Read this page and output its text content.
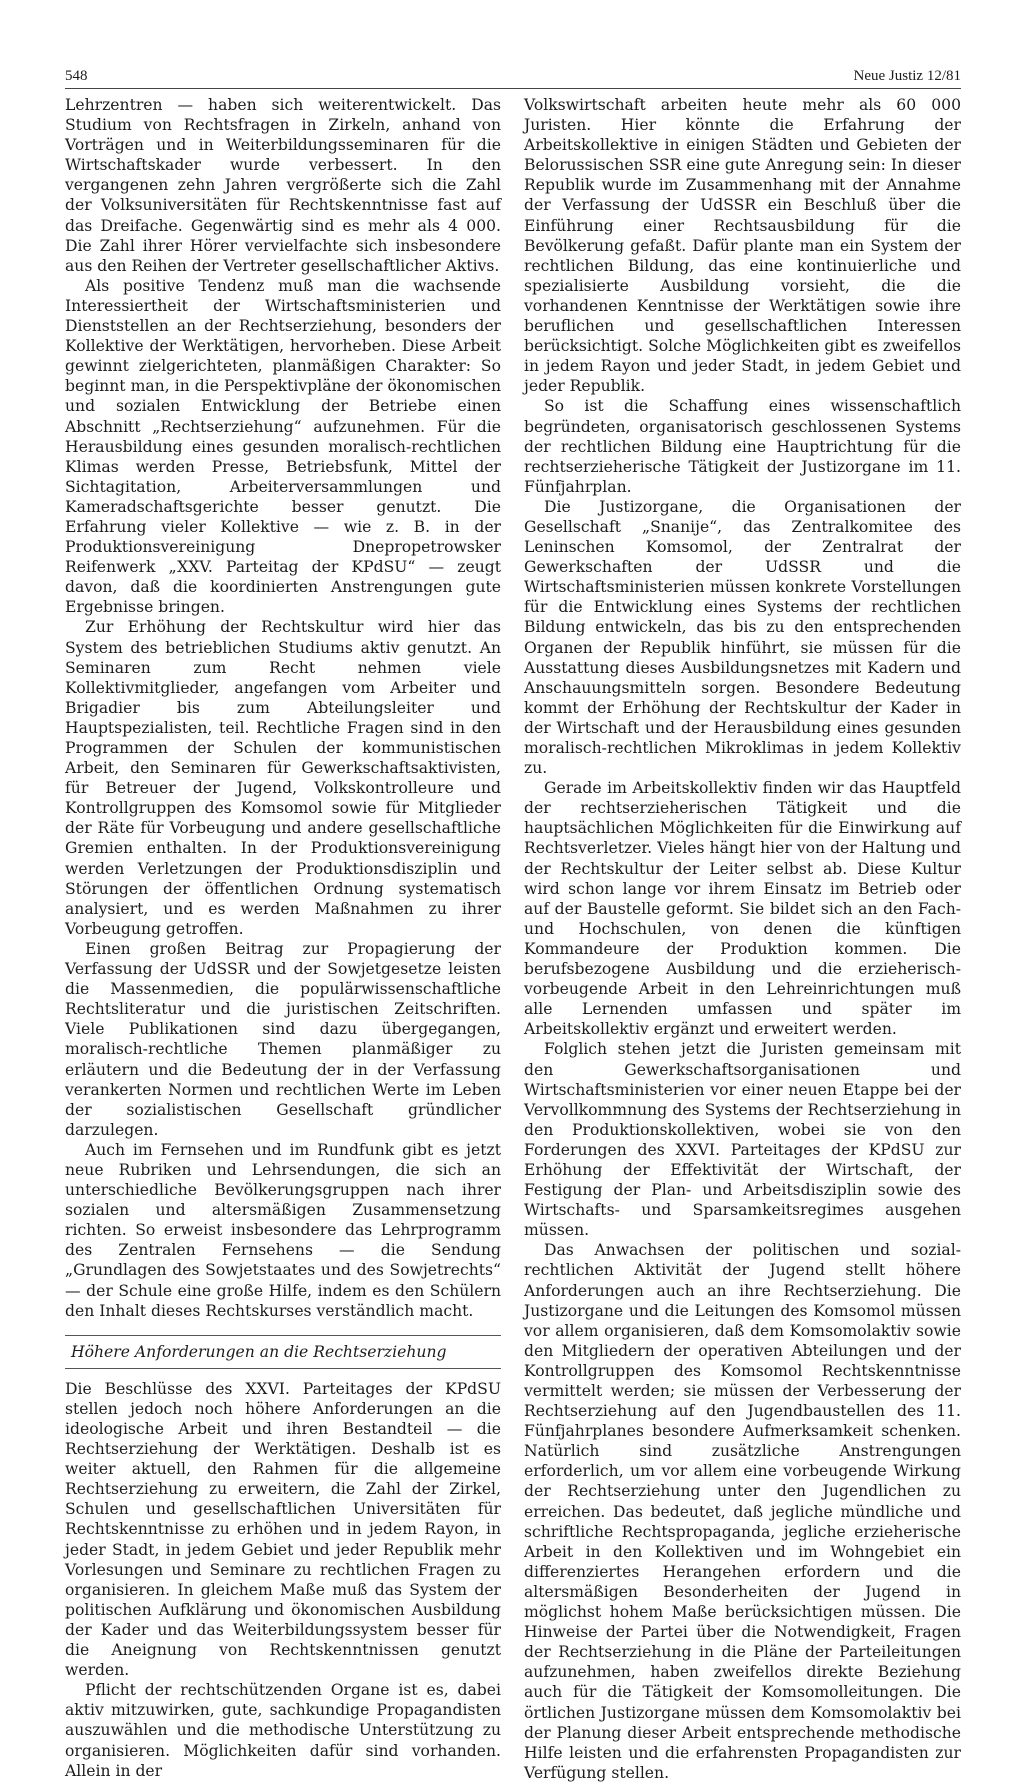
548	Neue Justiz 12/81

Lehrzentren — haben sich weiterentwickelt. Das Studium von Rechtsfragen in Zirkeln, anhand von Vorträgen und in Weiterbildungsseminaren für die Wirtschaftskader wurde verbessert. In den vergangenen zehn Jahren vergrößerte sich die Zahl der Volksuniversitäten für Rechtskenntnisse fast auf das Dreifache. Gegenwärtig sind es mehr als 4 000. Die Zahl ihrer Hörer vervielfachte sich insbesondere aus den Reihen der Vertreter gesellschaftlicher Aktivs.

Als positive Tendenz muß man die wachsende Interessiertheit der Wirtschaftsministerien und Dienststellen an der Rechtserziehung, besonders der Kollektive der Werktätigen, hervorheben. Diese Arbeit gewinnt zielgerichteten, planmäßigen Charakter: So beginnt man, in die Perspektivpläne der ökonomischen und sozialen Entwicklung der Betriebe einen Abschnitt „Rechtserziehung“ aufzunehmen. Für die Herausbildung eines gesunden moralisch-rechtlichen Klimas werden Presse, Betriebsfunk, Mittel der Sichtagitation, Arbeiterversammlungen und Kameradschaftsgerichte besser genutzt. Die Erfahrung vieler Kollektive — wie z. B. in der Produktionsvereinigung Dnepropetrowsker Reifenwerk „XXV. Parteitag der KPdSU“ — zeugt davon, daß die koordinierten Anstrengungen gute Ergebnisse bringen.

Zur Erhöhung der Rechtskultur wird hier das System des betrieblichen Studiums aktiv genutzt. An Seminaren zum Recht nehmen viele Kollektivmitglieder, angefangen vom Arbeiter und Brigadier bis zum Abteilungsleiter und Hauptspezialisten, teil. Rechtliche Fragen sind in den Programmen der Schulen der kommunistischen Arbeit, den Seminaren für Gewerkschaftsaktivisten, für Betreuer der Jugend, Volkskontrolleure und Kontrollgruppen des Komsomol sowie für Mitglieder der Räte für Vorbeugung und andere gesellschaftliche Gremien enthalten. In der Produktionsvereinigung werden Verletzungen der Produktionsdisziplin und Störungen der öffentlichen Ordnung systematisch analysiert, und es werden Maßnahmen zu ihrer Vorbeugung getroffen.

Einen großen Beitrag zur Propagierung der Verfassung der UdSSR und der Sowjetgesetze leisten die Massenmedien, die populärwissenschaftliche Rechtsliteratur und die juristischen Zeitschriften. Viele Publikationen sind dazu übergegangen, moralisch-rechtliche Themen planmäßiger zu erläutern und die Bedeutung der in der Verfassung verankerten Normen und rechtlichen Werte im Leben der sozialistischen Gesellschaft gründlicher darzulegen.

Auch im Fernsehen und im Rundfunk gibt es jetzt neue Rubriken und Lehrsendungen, die sich an unterschiedliche Bevölkerungsgruppen nach ihrer sozialen und altersmäßigen Zusammensetzung richten. So erweist insbesondere das Lehrprogramm des Zentralen Fernsehens — die Sendung „Grundlagen des Sowjetstaates und des Sowjetrechts“ — der Schule eine große Hilfe, indem es den Schülern den Inhalt dieses Rechtskurses verständlich macht.

Höhere Anforderungen an die Rechtserziehung

Die Beschlüsse des XXVI. Parteitages der KPdSU stellen jedoch noch höhere Anforderungen an die ideologische Arbeit und ihren Bestandteil — die Rechtserziehung der Werktätigen. Deshalb ist es weiter aktuell, den Rahmen für die allgemeine Rechtserziehung zu erweitern, die Zahl der Zirkel, Schulen und gesellschaftlichen Universitäten für Rechtskenntnisse zu erhöhen und in jedem Rayon, in jeder Stadt, in jedem Gebiet und jeder Republik mehr Vorlesungen und Seminare zu rechtlichen Fragen zu organisieren. In gleichem Maße muß das System der politischen Aufklärung und ökonomischen Ausbildung der Kader und das Weiterbildungssystem besser für die Aneignung von Rechtskenntnissen genutzt werden.

Pflicht der rechtschützenden Organe ist es, dabei aktiv mitzuwirken, gute, sachkundige Propagandisten auszuwählen und die methodische Unterstützung zu organisieren. Möglichkeiten dafür sind vorhanden. Allein in der

Volkswirtschaft arbeiten heute mehr als 60 000 Juristen. Hier könnte die Erfahrung der Arbeitskollektive in einigen Städten und Gebieten der Belorussischen SSR eine gute Anregung sein: In dieser Republik wurde im Zusammenhang mit der Annahme der Verfassung der UdSSR ein Beschluß über die Einführung einer Rechtsausbildung für die Bevölkerung gefaßt. Dafür plante man ein System der rechtlichen Bildung, das eine kontinuierliche und spezialisierte Ausbildung vorsieht, die die vorhandenen Kenntnisse der Werktätigen sowie ihre beruflichen und gesellschaftlichen Interessen berücksichtigt. Solche Möglichkeiten gibt es zweifellos in jedem Rayon und jeder Stadt, in jedem Gebiet und jeder Republik.

So ist die Schaffung eines wissenschaftlich begründeten, organisatorisch geschlossenen Systems der rechtlichen Bildung eine Hauptrichtung für die rechtserzieherische Tätigkeit der Justizorgane im 11. Fünfjahrplan.

Die Justizorgane, die Organisationen der Gesellschaft „Snanije“, das Zentralkomitee des Leninschen Komsomol, der Zentralrat der Gewerkschaften der UdSSR und die Wirtschaftsministerien müssen konkrete Vorstellungen für die Entwicklung eines Systems der rechtlichen Bildung entwickeln, das bis zu den entsprechenden Organen der Republik hinführt, sie müssen für die Ausstattung dieses Ausbildungsnetzes mit Kadern und Anschauungsmitteln sorgen. Besondere Bedeutung kommt der Erhöhung der Rechtskultur der Kader in der Wirtschaft und der Herausbildung eines gesunden moralisch-rechtlichen Mikroklimas in jedem Kollektiv zu.

Gerade im Arbeitskollektiv finden wir das Hauptfeld der rechtserzieherischen Tätigkeit und die hauptsächlichen Möglichkeiten für die Einwirkung auf Rechtsverletzer. Vieles hängt hier von der Haltung und der Rechtskultur der Leiter selbst ab. Diese Kultur wird schon lange vor ihrem Einsatz im Betrieb oder auf der Baustelle geformt. Sie bildet sich an den Fach- und Hochschulen, von denen die künftigen Kommandeure der Produktion kommen. Die berufsbezogene Ausbildung und die erzieherisch-vorbeugende Arbeit in den Lehreinrichtungen muß alle Lernenden umfassen und später im Arbeitskollektiv ergänzt und erweitert werden.

Folglich stehen jetzt die Juristen gemeinsam mit den Gewerkschaftsorganisationen und Wirtschaftsministerien vor einer neuen Etappe bei der Vervollkommnung des Systems der Rechtserziehung in den Produktionskollektiven, wobei sie von den Forderungen des XXVI. Parteitages der KPdSU zur Erhöhung der Effektivität der Wirtschaft, der Festigung der Plan- und Arbeitsdisziplin sowie des Wirtschafts- und Sparsamkeitsregimes ausgehen müssen.

Das Anwachsen der politischen und sozial-rechtlichen Aktivität der Jugend stellt höhere Anforderungen auch an ihre Rechtserziehung. Die Justizorgane und die Leitungen des Komsomol müssen vor allem organisieren, daß dem Komsomolaktiv sowie den Mitgliedern der operativen Abteilungen und der Kontrollgruppen des Komsomol Rechtskenntnisse vermittelt werden; sie müssen der Verbesserung der Rechtserziehung auf den Jugendbaustellen des 11. Fünfjahrplanes besondere Aufmerksamkeit schenken. Natürlich sind zusätzliche Anstrengungen erforderlich, um vor allem eine vorbeugende Wirkung der Rechtserziehung unter den Jugendlichen zu erreichen. Das bedeutet, daß jegliche mündliche und schriftliche Rechtspropaganda, jegliche erzieherische Arbeit in den Kollektiven und im Wohngebiet ein differenziertes Herangehen erfordern und die altersmäßigen Besonderheiten der Jugend in möglichst hohem Maße berücksichtigen müssen. Die Hinweise der Partei über die Notwendigkeit, Fragen der Rechtserziehung in die Pläne der Parteileitungen aufzunehmen, haben zweifellos direkte Beziehung auch für die Tätigkeit der Komsomolleitungen. Die örtlichen Justizorgane müssen dem Komsomolaktiv bei der Planung dieser Arbeit entsprechende methodische Hilfe leisten und die erfahrensten Propagandisten zur Verfügung stellen.
